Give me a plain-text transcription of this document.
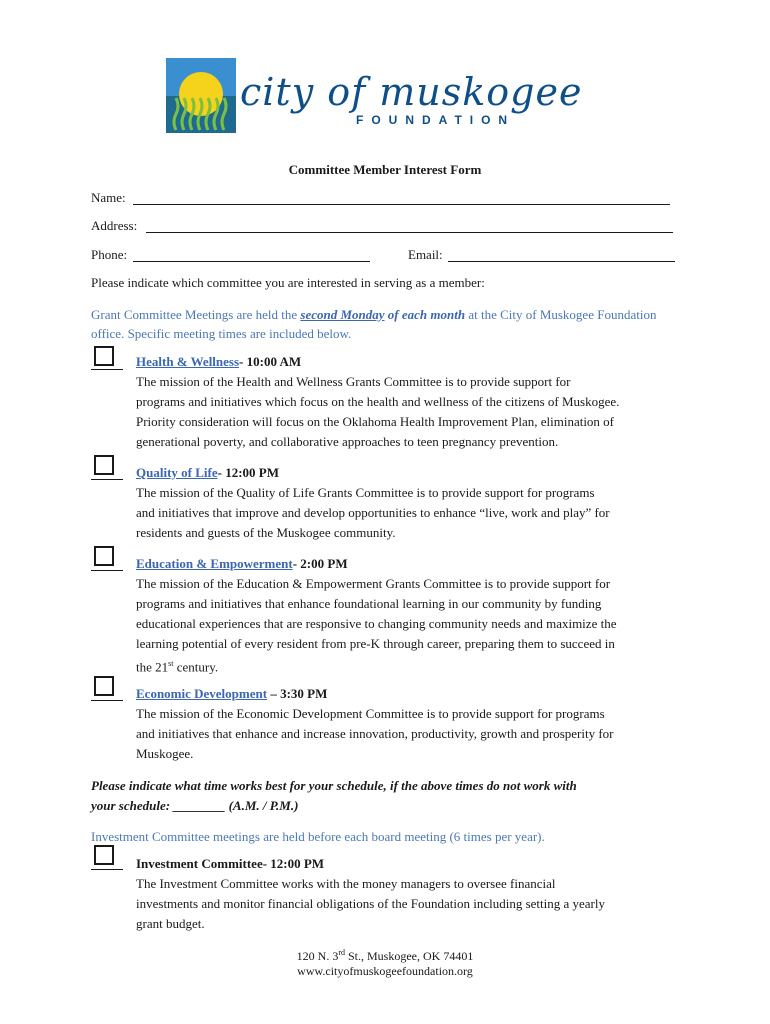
city of muskogee
FOUNDATION
Committee Member Interest Form
Name:
Address:
Phone:	Email:
Please indicate which committee you are interested in serving as a member:
Grant Committee Meetings are held the second Monday of each month at the City of Muskogee Foundation office. Specific meeting times are included below.
Health & Wellness- 10:00 AM
The mission of the Health and Wellness Grants Committee is to provide support for
programs and initiatives which focus on the health and wellness of the citizens of Muskogee.
Priority consideration will focus on the Oklahoma Health Improvement Plan, elimination of
generational poverty, and collaborative approaches to teen pregnancy prevention.
Quality of Life- 12:00 PM
The mission of the Quality of Life Grants Committee is to provide support for programs
and initiatives that improve and develop opportunities to enhance “live, work and play” for
residents and guests of the Muskogee community.
Education & Empowerment- 2:00 PM
The mission of the Education & Empowerment Grants Committee is to provide support for
programs and initiatives that enhance foundational learning in our community by funding
educational experiences that are responsive to changing community needs and maximize the
learning potential of every resident from pre-K through career, preparing them to succeed in
the 21st century.
Economic Development – 3:30 PM
The mission of the Economic Development Committee is to provide support for programs
and initiatives that enhance and increase innovation, productivity, growth and prosperity for
Muskogee.
Please indicate what time works best for your schedule, if the above times do not work with
your schedule: ________ (A.M. / P.M.)
Investment Committee meetings are held before each board meeting (6 times per year).
Investment Committee- 12:00 PM
The Investment Committee works with the money managers to oversee financial
investments and monitor financial obligations of the Foundation including setting a yearly
grant budget.
120 N. 3rd St., Muskogee, OK 74401
www.cityofmuskogeefoundation.org
